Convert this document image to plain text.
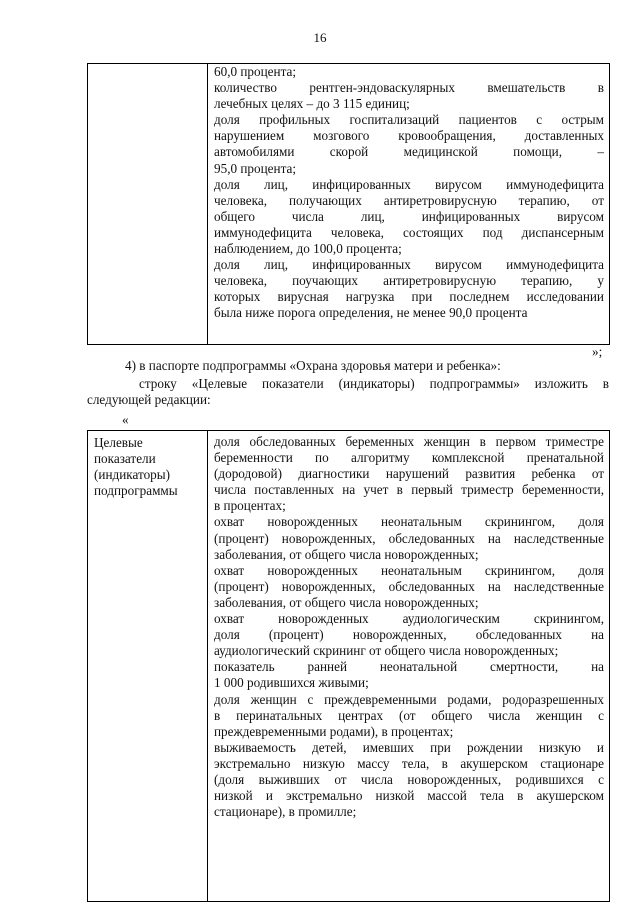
16

60,0 процента;
количество рентген-эндоваскулярных вмешательств в
лечебных целях – до 3 115 единиц;
доля профильных госпитализаций пациентов с острым
нарушением мозгового кровообращения, доставленных
автомобилями скорой медицинской помощи, –
95,0 процента;
доля лиц, инфицированных вирусом иммунодефицита
человека, получающих антиретровирусную терапию, от
общего числа лиц, инфицированных вирусом
иммунодефицита человека, состоящих под диспансерным
наблюдением, до 100,0 процента;
доля лиц, инфицированных вирусом иммунодефицита
человека, поучающих антиретровирусную терапию, у
которых вирусная нагрузка при последнем исследовании
была ниже порога определения, не менее 90,0 процента
»;
4) в паспорте подпрограммы «Охрана здоровья матери и ребенка»:
строку «Целевые показатели (индикаторы) подпрограммы» изложить в
следующей редакции:
«
Целевые
показатели
(индикаторы)
подпрограммы

доля обследованных беременных женщин в первом триместре
беременности по алгоритму комплексной пренатальной
(дородовой) диагностики нарушений развития ребенка от
числа поставленных на учет в первый триместр беременности,
в процентах;
охват новорожденных неонатальным скринингом, доля
(процент) новорожденных, обследованных на наследственные
заболевания, от общего числа новорожденных;
охват новорожденных неонатальным скринингом, доля
(процент) новорожденных, обследованных на наследственные
заболевания, от общего числа новорожденных;
охват новорожденных аудиологическим скринингом,
доля (процент) новорожденных, обследованных на
аудиологический скрининг от общего числа новорожденных;
показатель ранней неонатальной смертности, на
1 000 родившихся живыми;
доля женщин с преждевременными родами, родоразрешенных
в перинатальных центрах (от общего числа женщин с
преждевременными родами), в процентах;
выживаемость детей, имевших при рождении низкую и
экстремально низкую массу тела, в акушерском стационаре
(доля выживших от числа новорожденных, родившихся с
низкой и экстремально низкой массой тела в акушерском
стационаре), в промилле;
